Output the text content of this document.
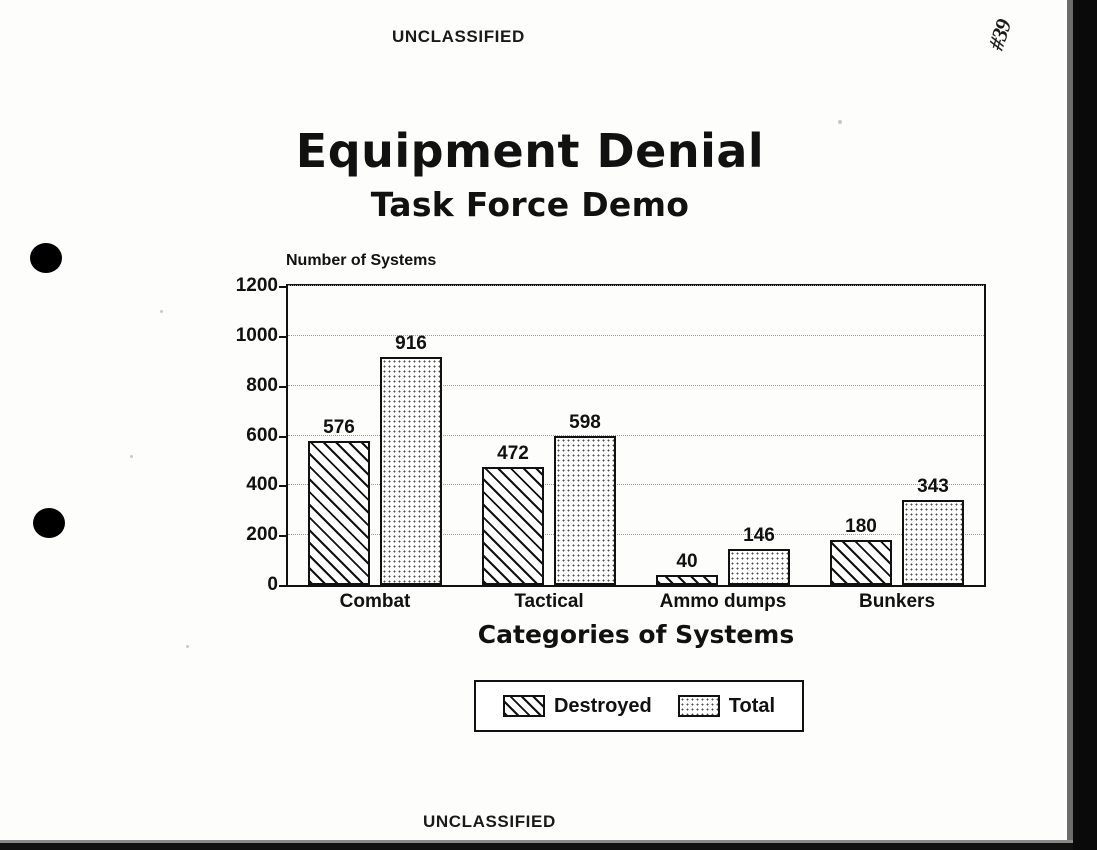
UNCLASSIFIED	#39
Equipment Denial
Task Force Demo
Number of Systems
576
916
472
598
40
146	180
343
0
200
400
600
800
1000
1200
Combat	Tactical	Ammo dumps	Bunkers
Categories of Systems
Destroyed	Total
UNCLASSIFIED
